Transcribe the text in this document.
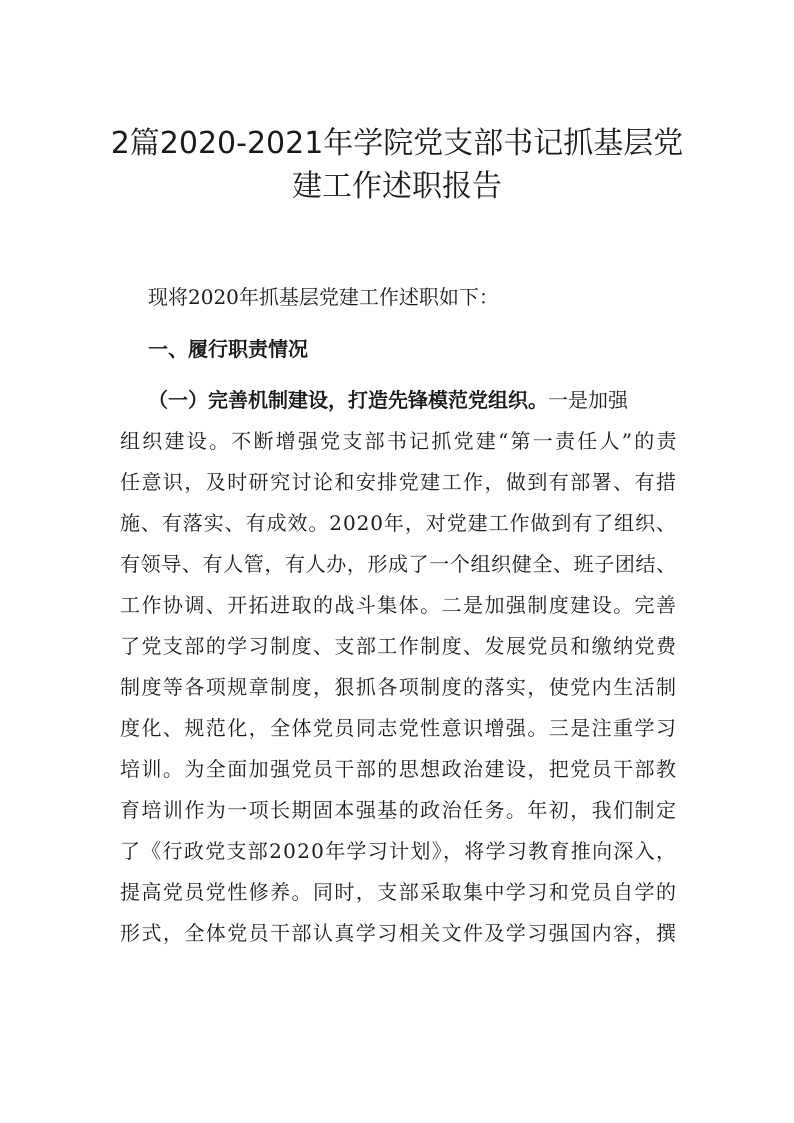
2篇2020-2021年学院党支部书记抓基层党
建工作述职报告
现将2020年抓基层党建工作述职如下：
一、履行职责情况
（一）完善机制建设，打造先锋模范党组织。一是加强
组织建设。不断增强党支部书记抓党建“第一责任人”的责
任意识，及时研究讨论和安排党建工作，做到有部署、有措
施、有落实、有成效。2020年，对党建工作做到有了组织、
有领导、有人管，有人办，形成了一个组织健全、班子团结、
工作协调、开拓进取的战斗集体。二是加强制度建设。完善
了党支部的学习制度、支部工作制度、发展党员和缴纳党费
制度等各项规章制度，狠抓各项制度的落实，使党内生活制
度化、规范化，全体党员同志党性意识增强。三是注重学习
培训。为全面加强党员干部的思想政治建设，把党员干部教
育培训作为一项长期固本强基的政治任务。年初，我们制定
了《行政党支部2020年学习计划》，将学习教育推向深入，
提高党员党性修养。同时，支部采取集中学习和党员自学的
形式，全体党员干部认真学习相关文件及学习强国内容，撰
